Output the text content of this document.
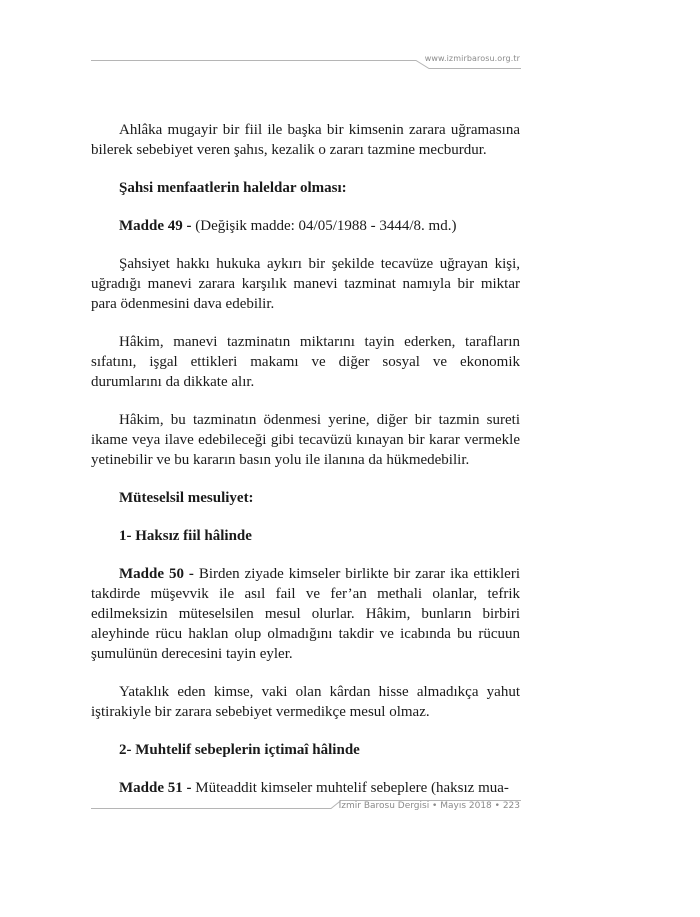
www.izmirbarosu.org.tr

Ahlâka mugayir bir fiil ile başka bir kimsenin zarara uğramasına bilerek sebebiyet veren şahıs, kezalik o zararı tazmine mecburdur.

Şahsi menfaatlerin haleldar olması:

Madde 49 - (Değişik madde: 04/05/1988 - 3444/8. md.)

Şahsiyet hakkı hukuka aykırı bir şekilde tecavüze uğrayan kişi, uğradığı manevi zarara karşılık manevi tazminat namıyla bir miktar para ödenmesini dava edebilir.

Hâkim, manevi tazminatın miktarını tayin ederken, tarafların sıfatını, işgal ettikleri makamı ve diğer sosyal ve ekonomik durumlarını da dikkate alır.

Hâkim, bu tazminatın ödenmesi yerine, diğer bir tazmin sureti ikame veya ilave edebileceği gibi tecavüzü kınayan bir karar vermekle yetinebilir ve bu kararın basın yolu ile ilanına da hükmedebilir.

Müteselsil mesuliyet:

1- Haksız fiil hâlinde

Madde 50 - Birden ziyade kimseler birlikte bir zarar ika ettikleri takdirde müşevvik ile asıl fail ve fer’an methali olanlar, tefrik edilmeksizin müteselsilen mesul olurlar. Hâkim, bunların birbiri aleyhinde rücu haklan olup olmadığını takdir ve icabında bu rücuun şumulünün derecesini tayin eyler.

Yataklık eden kimse, vaki olan kârdan hisse almadıkça yahut iştirakiyle bir zarara sebebiyet vermedikçe mesul olmaz.

2- Muhtelif sebeplerin içtimaî hâlinde

Madde 51 - Müteaddit kimseler muhtelif sebeplere (haksız mua-

İzmir Barosu Dergisi • Mayıs 2018 • 223
